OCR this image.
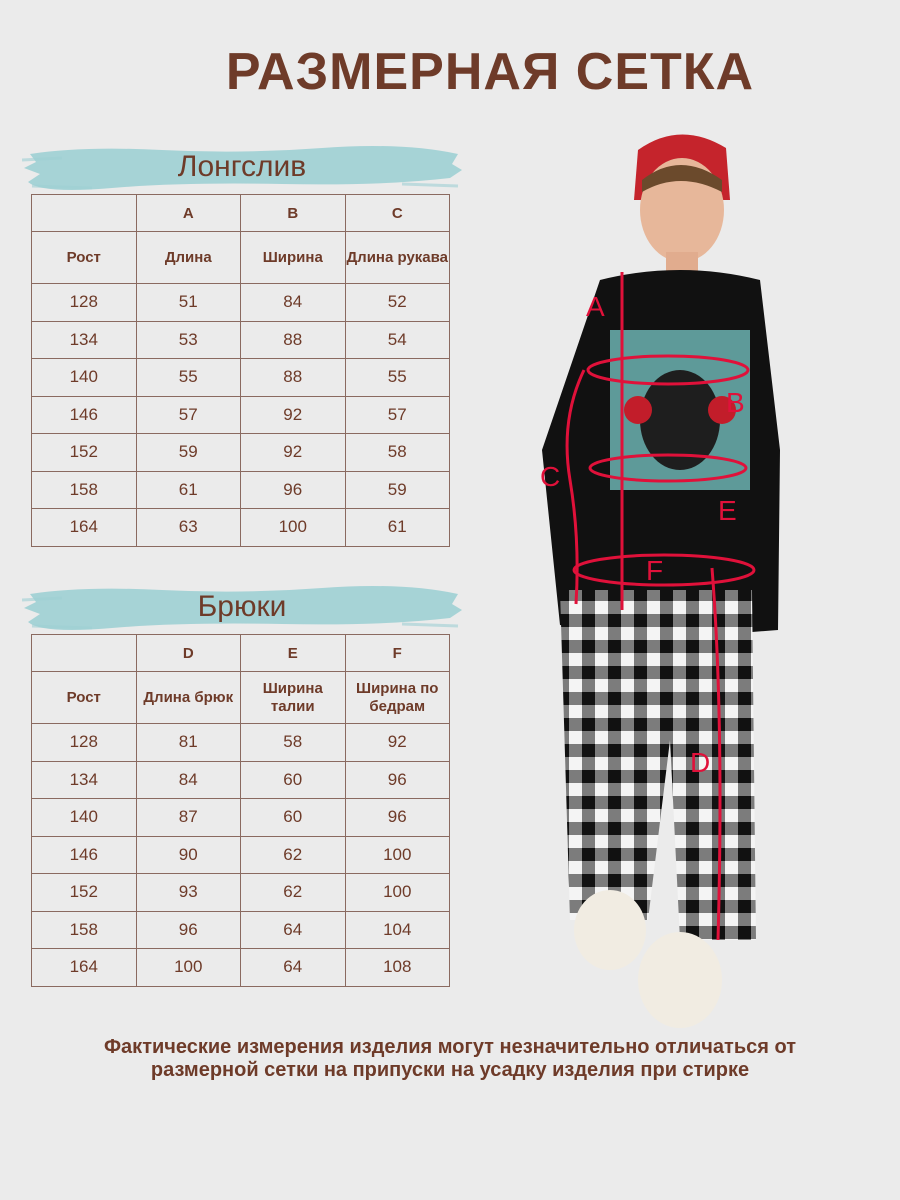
РАЗМЕРНАЯ СЕТКА
Лонгслив
	A	B	C
Рост	Длина	Ширина	Длина рукава
128	51	84	52
134	53	88	54
140	55	88	55
146	57	92	57
152	59	92	58
158	61	96	59
164	63	100	61
Брюки
	D	E	F
Рост	Длина брюк	Ширина талии	Ширина по бедрам
128	81	58	92
134	84	60	96
140	87	60	96
146	90	62	100
152	93	62	100
158	96	64	104
164	100	64	108
A
B
C
D
E
F
Фактические измерения изделия могут незначительно отличаться от размерной сетки на припуски на усадку изделия при стирке
